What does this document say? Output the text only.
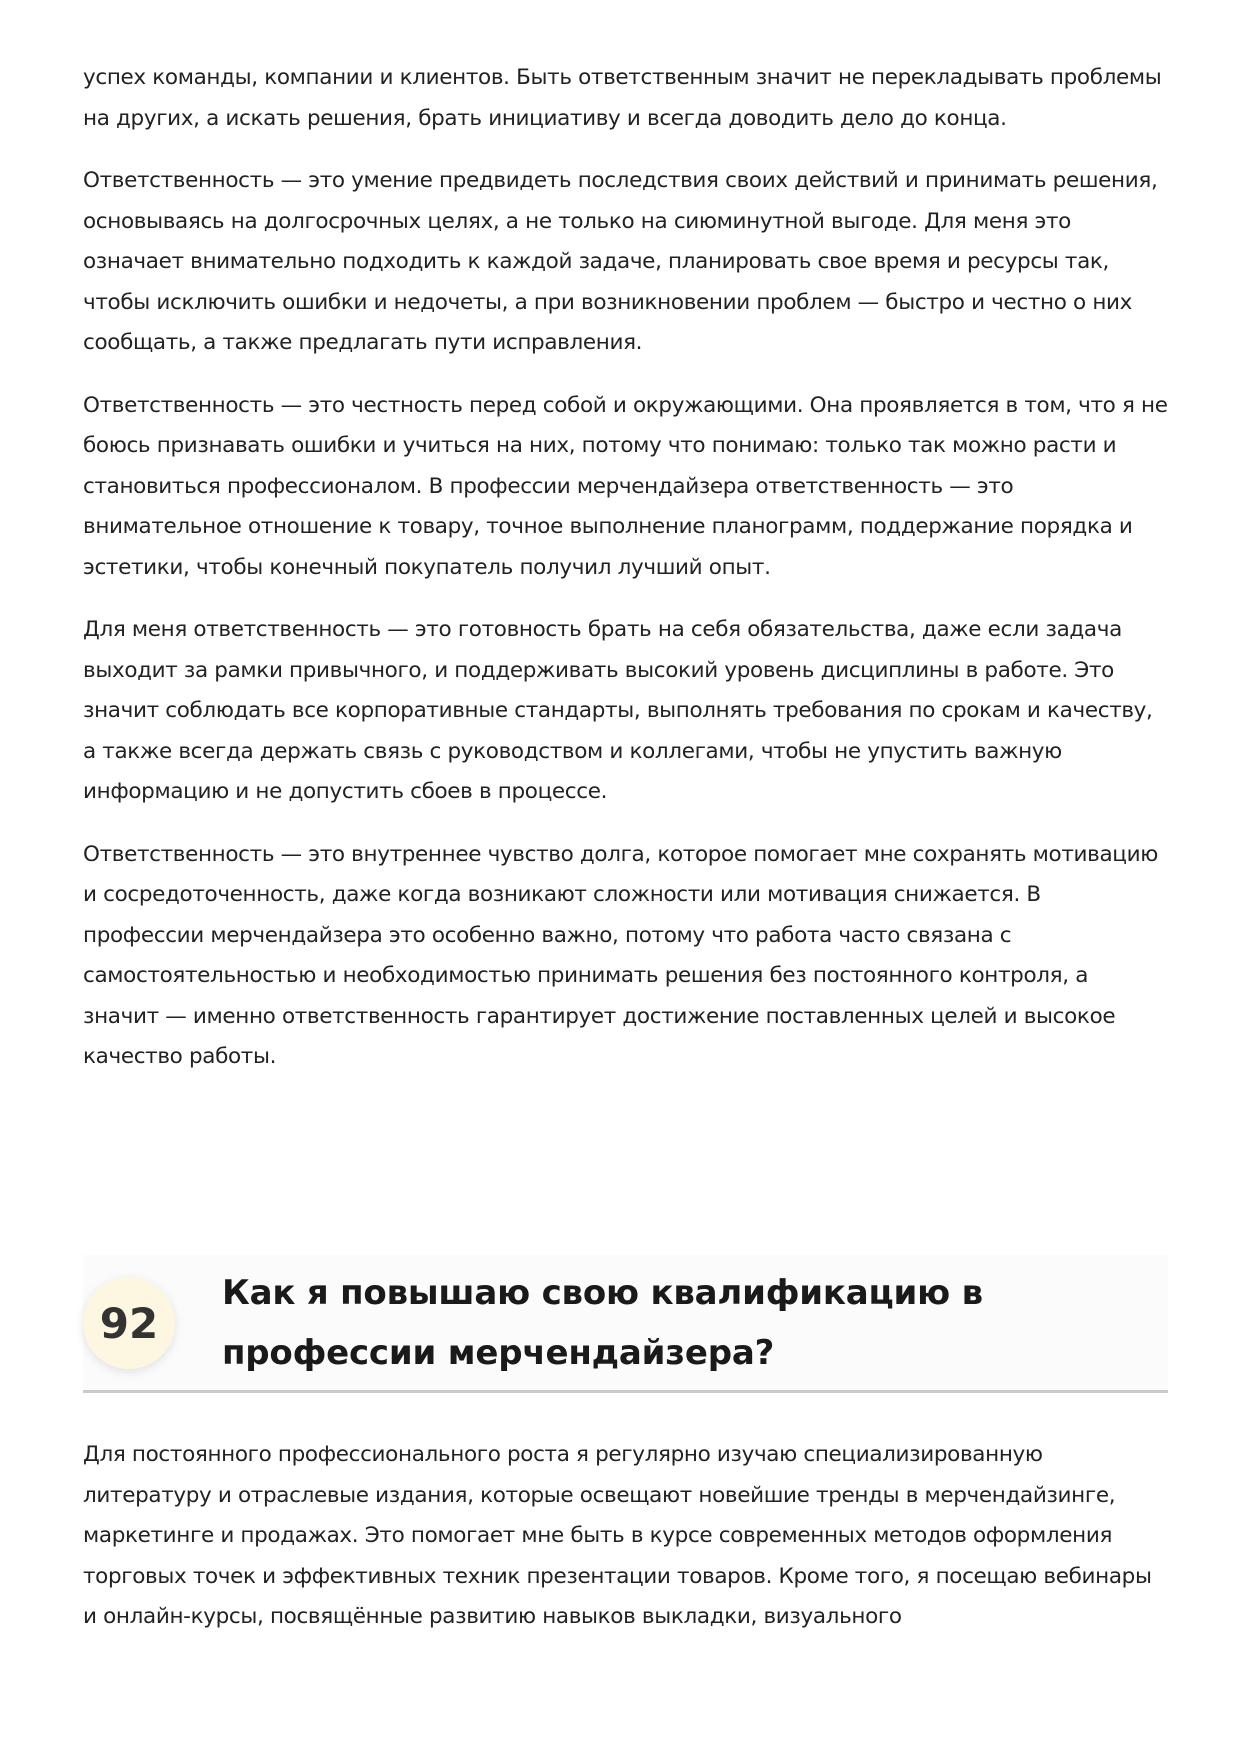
успех команды, компании и клиентов. Быть ответственным значит не перекладывать проблемы на других, а искать решения, брать инициативу и всегда доводить дело до конца.

Ответственность — это умение предвидеть последствия своих действий и принимать решения, основываясь на долгосрочных целях, а не только на сиюминутной выгоде. Для меня это означает внимательно подходить к каждой задаче, планировать свое время и ресурсы так, чтобы исключить ошибки и недочеты, а при возникновении проблем — быстро и честно о них сообщать, а также предлагать пути исправления.

Ответственность — это честность перед собой и окружающими. Она проявляется в том, что я не боюсь признавать ошибки и учиться на них, потому что понимаю: только так можно расти и становиться профессионалом. В профессии мерчендайзера ответственность — это внимательное отношение к товару, точное выполнение планограмм, поддержание порядка и эстетики, чтобы конечный покупатель получил лучший опыт.

Для меня ответственность — это готовность брать на себя обязательства, даже если задача выходит за рамки привычного, и поддерживать высокий уровень дисциплины в работе. Это значит соблюдать все корпоративные стандарты, выполнять требования по срокам и качеству, а также всегда держать связь с руководством и коллегами, чтобы не упустить важную информацию и не допустить сбоев в процессе.

Ответственность — это внутреннее чувство долга, которое помогает мне сохранять мотивацию и сосредоточенность, даже когда возникают сложности или мотивация снижается. В профессии мерчендайзера это особенно важно, потому что работа часто связана с самостоятельностью и необходимостью принимать решения без постоянного контроля, а значит — именно ответственность гарантирует достижение поставленных целей и высокое качество работы.

92
Как я повышаю свою квалификацию в профессии мерчендайзера?

Для постоянного профессионального роста я регулярно изучаю специализированную литературу и отраслевые издания, которые освещают новейшие тренды в мерчендайзинге, маркетинге и продажах. Это помогает мне быть в курсе современных методов оформления торговых точек и эффективных техник презентации товаров. Кроме того, я посещаю вебинары и онлайн-курсы, посвящённые развитию навыков выкладки, визуального
